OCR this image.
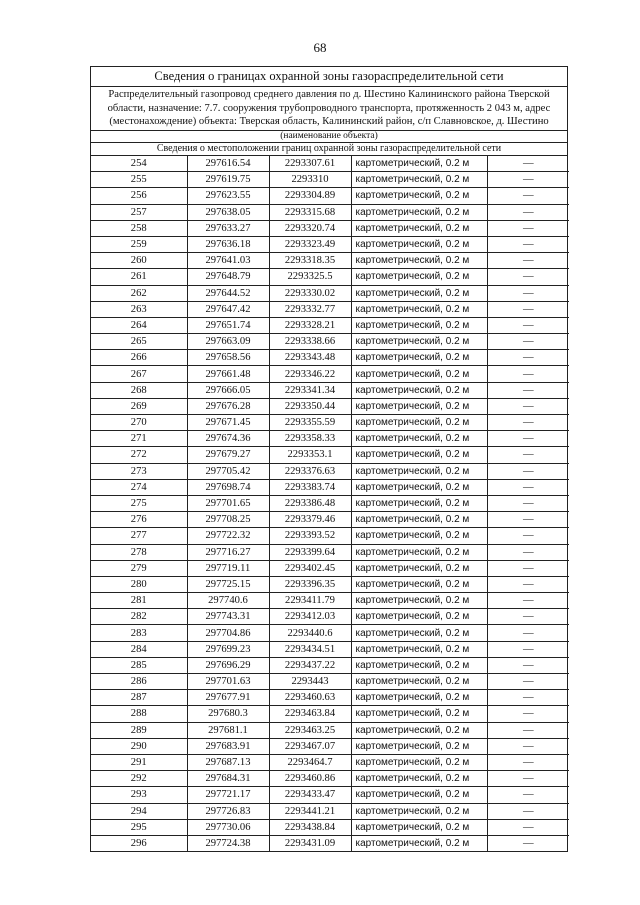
68
Сведения о границах охранной зоны газораспределительной сети
Распределительный газопровод среднего давления по д. Шестино Калининского района Тверской области, назначение: 7.7. сооружения трубопроводного транспорта, протяженность 2 043 м, адрес (местонахождение) объекта: Тверская область, Калининский район, с/п Славновское, д. Шестино
(наименование объекта)
Сведения о местоположении границ охранной зоны газораспределительной сети
254	297616.54	2293307.61	картометрический, 0.2 м	—
255	297619.75	2293310	картометрический, 0.2 м	—
256	297623.55	2293304.89	картометрический, 0.2 м	—
257	297638.05	2293315.68	картометрический, 0.2 м	—
258	297633.27	2293320.74	картометрический, 0.2 м	—
259	297636.18	2293323.49	картометрический, 0.2 м	—
260	297641.03	2293318.35	картометрический, 0.2 м	—
261	297648.79	2293325.5	картометрический, 0.2 м	—
262	297644.52	2293330.02	картометрический, 0.2 м	—
263	297647.42	2293332.77	картометрический, 0.2 м	—
264	297651.74	2293328.21	картометрический, 0.2 м	—
265	297663.09	2293338.66	картометрический, 0.2 м	—
266	297658.56	2293343.48	картометрический, 0.2 м	—
267	297661.48	2293346.22	картометрический, 0.2 м	—
268	297666.05	2293341.34	картометрический, 0.2 м	—
269	297676.28	2293350.44	картометрический, 0.2 м	—
270	297671.45	2293355.59	картометрический, 0.2 м	—
271	297674.36	2293358.33	картометрический, 0.2 м	—
272	297679.27	2293353.1	картометрический, 0.2 м	—
273	297705.42	2293376.63	картометрический, 0.2 м	—
274	297698.74	2293383.74	картометрический, 0.2 м	—
275	297701.65	2293386.48	картометрический, 0.2 м	—
276	297708.25	2293379.46	картометрический, 0.2 м	—
277	297722.32	2293393.52	картометрический, 0.2 м	—
278	297716.27	2293399.64	картометрический, 0.2 м	—
279	297719.11	2293402.45	картометрический, 0.2 м	—
280	297725.15	2293396.35	картометрический, 0.2 м	—
281	297740.6	2293411.79	картометрический, 0.2 м	—
282	297743.31	2293412.03	картометрический, 0.2 м	—
283	297704.86	2293440.6	картометрический, 0.2 м	—
284	297699.23	2293434.51	картометрический, 0.2 м	—
285	297696.29	2293437.22	картометрический, 0.2 м	—
286	297701.63	2293443	картометрический, 0.2 м	—
287	297677.91	2293460.63	картометрический, 0.2 м	—
288	297680.3	2293463.84	картометрический, 0.2 м	—
289	297681.1	2293463.25	картометрический, 0.2 м	—
290	297683.91	2293467.07	картометрический, 0.2 м	—
291	297687.13	2293464.7	картометрический, 0.2 м	—
292	297684.31	2293460.86	картометрический, 0.2 м	—
293	297721.17	2293433.47	картометрический, 0.2 м	—
294	297726.83	2293441.21	картометрический, 0.2 м	—
295	297730.06	2293438.84	картометрический, 0.2 м	—
296	297724.38	2293431.09	картометрический, 0.2 м	—
